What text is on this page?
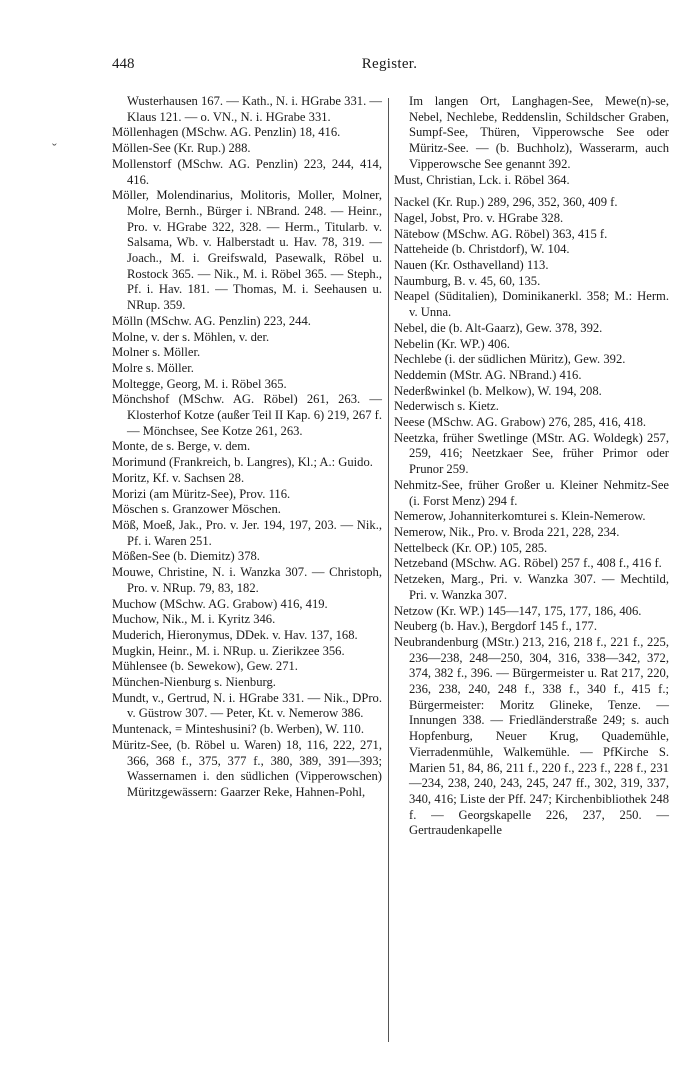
448	Register.
ˇ

Wusterhausen 167. — Kath., N. i. HGrabe 331. — Klaus 121. — o. VN., N. i. HGrabe 331.

Möllenhagen (MSchw. AG. Penzlin) 18, 416.

Möllen-See (Kr. Rup.) 288.

Mollenstorf (MSchw. AG. Penzlin) 223, 244, 414, 416.

Möller, Molendinarius, Molitoris, Moller, Molner, Molre, Bernh., Bürger i. NBrand. 248. — Heinr., Pro. v. HGrabe 322, 328. — Herm., Titularb. v. Salsama, Wb. v. Halberstadt u. Hav. 78, 319. — Joach., M. i. Greifswald, Pasewalk, Röbel u. Rostock 365. — Nik., M. i. Röbel 365. — Steph., Pf. i. Hav. 181. — Thomas, M. i. Seehausen u. NRup. 359.

Mölln (MSchw. AG. Penzlin) 223, 244.

Molne, v. der s. Möhlen, v. der.

Molner s. Möller.

Molre s. Möller.

Moltegge, Georg, M. i. Röbel 365.

Mönchshof (MSchw. AG. Röbel) 261, 263. — Klosterhof Kotze (außer Teil II Kap. 6) 219, 267 f. — Mönchsee, See Kotze 261, 263.

Monte, de s. Berge, v. dem.

Morimund (Frankreich, b. Langres), Kl.; A.: Guido.

Moritz, Kf. v. Sachsen 28.

Morizi (am Müritz-See), Prov. 116.

Möschen s. Granzower Möschen.

Möß, Moeß, Jak., Pro. v. Jer. 194, 197, 203. — Nik., Pf. i. Waren 251.

Mößen-See (b. Diemitz) 378.

Mouwe, Christine, N. i. Wanzka 307. — Christoph, Pro. v. NRup. 79, 83, 182.

Muchow (MSchw. AG. Grabow) 416, 419.

Muchow, Nik., M. i. Kyritz 346.

Muderich, Hieronymus, DDek. v. Hav. 137, 168.

Mugkin, Heinr., M. i. NRup. u. Zierikzee 356.

Mühlensee (b. Sewekow), Gew. 271.

München-Nienburg s. Nienburg.

Mundt, v., Gertrud, N. i. HGrabe 331. — Nik., DPro. v. Güstrow 307. — Peter, Kt. v. Nemerow 386.

Muntenack, = Minteshusini? (b. Werben), W. 110.

Müritz-See, (b. Röbel u. Waren) 18, 116, 222, 271, 366, 368 f., 375, 377 f., 380, 389, 391—393; Wassernamen i. den südlichen (Vipperowschen) Müritzgewässern: Gaarzer Reke, Hahnen-Pohl,

Im langen Ort, Langhagen-See, Mewe(n)-se, Nebel, Nechlebe, Reddenslin, Schildscher Graben, Sumpf-See, Thüren, Vipperowsche See oder Müritz-See. — (b. Buchholz), Wasserarm, auch Vipperowsche See genannt 392.

Must, Christian, Lck. i. Röbel 364.

Nackel (Kr. Rup.) 289, 296, 352, 360, 409 f.

Nagel, Jobst, Pro. v. HGrabe 328.

Nätebow (MSchw. AG. Röbel) 363, 415 f.

Natteheide (b. Christdorf), W. 104.

Nauen (Kr. Osthavelland) 113.

Naumburg, B. v. 45, 60, 135.

Neapel (Süditalien), Dominikanerkl. 358; M.: Herm. v. Unna.

Nebel, die (b. Alt-Gaarz), Gew. 378, 392.

Nebelin (Kr. WP.) 406.

Nechlebe (i. der südlichen Müritz), Gew. 392.

Neddemin (MStr. AG. NBrand.) 416.

Nederßwinkel (b. Melkow), W. 194, 208.

Nederwisch s. Kietz.

Neese (MSchw. AG. Grabow) 276, 285, 416, 418.

Neetzka, früher Swetlinge (MStr. AG. Woldegk) 257, 259, 416; Neetzkaer See, früher Primor oder Prunor 259.

Nehmitz-See, früher Großer u. Kleiner Nehmitz-See (i. Forst Menz) 294 f.

Nemerow, Johanniterkomturei s. Klein-Nemerow.

Nemerow, Nik., Pro. v. Broda 221, 228, 234.

Nettelbeck (Kr. OP.) 105, 285.

Netzeband (MSchw. AG. Röbel) 257 f., 408 f., 416 f.

Netzeken, Marg., Pri. v. Wanzka 307. — Mechtild, Pri. v. Wanzka 307.

Netzow (Kr. WP.) 145—147, 175, 177, 186, 406.

Neuberg (b. Hav.), Bergdorf 145 f., 177.

Neubrandenburg (MStr.) 213, 216, 218 f., 221 f., 225, 236—238, 248—250, 304, 316, 338—342, 372, 374, 382 f., 396. — Bürgermeister u. Rat 217, 220, 236, 238, 240, 248 f., 338 f., 340 f., 415 f.; Bürgermeister: Moritz Glineke, Tenze. — Innungen 338. — Friedländerstraße 249; s. auch Hopfenburg, Neuer Krug, Quademühle, Vierradenmühle, Walkemühle. — PfKirche S. Marien 51, 84, 86, 211 f., 220 f., 223 f., 228 f., 231—234, 238, 240, 243, 245, 247 ff., 302, 319, 337, 340, 416; Liste der Pff. 247; Kirchenbibliothek 248 f. — Georgskapelle 226, 237, 250. — Gertraudenkapelle
